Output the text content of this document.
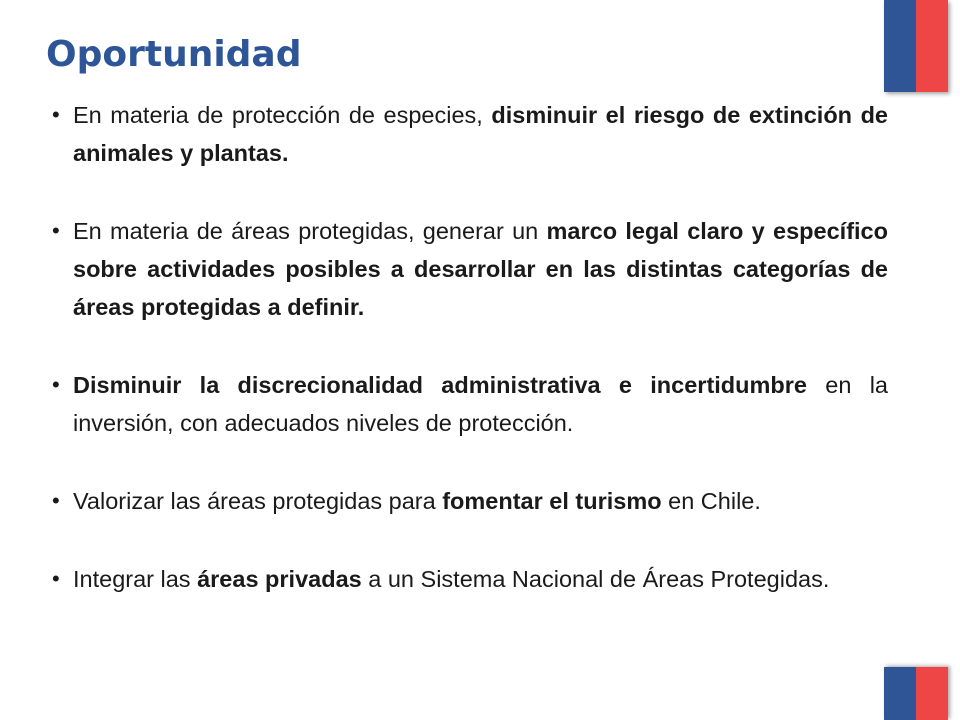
Oportunidad
• En materia de protección de especies, disminuir el riesgo de extinción de animales y plantas.
• En materia de áreas protegidas, generar un marco legal claro y específico sobre actividades posibles a desarrollar en las distintas categorías de áreas protegidas a definir.
• Disminuir la discrecionalidad administrativa e incertidumbre en la inversión, con adecuados niveles de protección.
• Valorizar las áreas protegidas para fomentar el turismo en Chile.
• Integrar las áreas privadas a un Sistema Nacional de Áreas Protegidas.
